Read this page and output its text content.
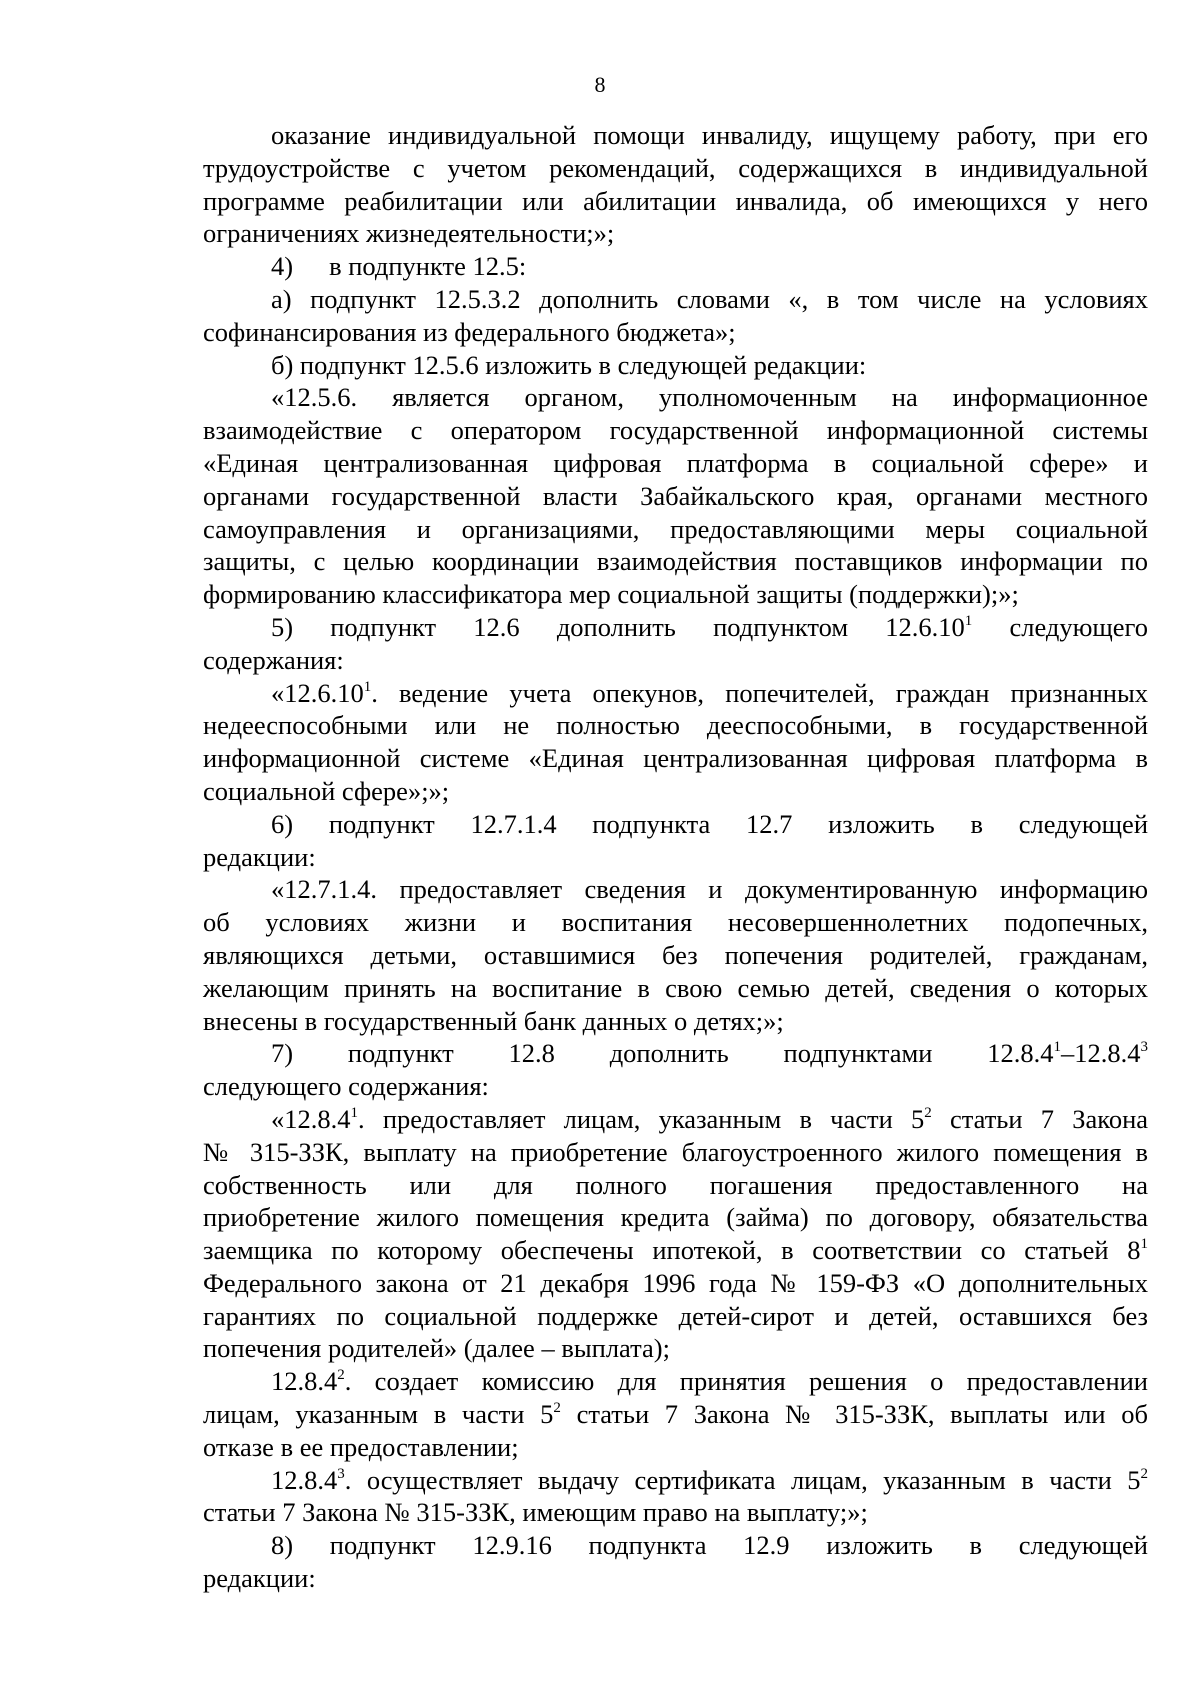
8
оказание индивидуальной помощи инвалиду, ищущему работу, при его
трудоустройстве с учетом рекомендаций, содержащихся в индивидуальной
программе реабилитации или абилитации инвалида, об имеющихся у него
ограничениях жизнедеятельности;»;
4) в подпункте 12.5:
а) подпункт 12.5.3.2 дополнить словами «, в том числе на условиях
софинансирования из федерального бюджета»;
б) подпункт 12.5.6 изложить в следующей редакции:
«12.5.6. является органом, уполномоченным на информационное
взаимодействие с оператором государственной информационной системы
«Единая централизованная цифровая платформа в социальной сфере» и
органами государственной власти Забайкальского края, органами местного
самоуправления и организациями, предоставляющими меры социальной
защиты, с целью координации взаимодействия поставщиков информации по
формированию классификатора мер социальной защиты (поддержки);»;
5) подпункт 12.6 дополнить подпунктом 12.6.10$^1$ следующего
содержания:
«12.6.10$^1$. ведение учета опекунов, попечителей, граждан признанных
недееспособными или не полностью дееспособными, в государственной
информационной системе «Единая централизованная цифровая платформа в
социальной сфере»;»;
6) подпункт 12.7.1.4 подпункта 12.7 изложить в следующей
редакции:
«12.7.1.4. предоставляет сведения и документированную информацию
об условиях жизни и воспитания несовершеннолетних подопечных,
являющихся детьми, оставшимися без попечения родителей, гражданам,
желающим принять на воспитание в свою семью детей, сведения о которых
внесены в государственный банк данных о детях;»;
7) подпункт 12.8 дополнить подпунктами 12.8.4$^1$–12.8.4$^3$
следующего содержания:
«12.8.4$^1$. предоставляет лицам, указанным в части $5^2$ статьи 7 Закона
№ 315-ЗЗК, выплату на приобретение благоустроенного жилого помещения в
собственность или для полного погашения предоставленного на
приобретение жилого помещения кредита (займа) по договору, обязательства
заемщика по которому обеспечены ипотекой, в соответствии со статьей $8^1$
Федерального закона от 21 декабря 1996 года № 159-ФЗ «О дополнительных
гарантиях по социальной поддержке детей-сирот и детей, оставшихся без
попечения родителей» (далее – выплата);
12.8.4$^2$. создает комиссию для принятия решения о предоставлении
лицам, указанным в части $5^2$ статьи 7 Закона № 315-ЗЗК, выплаты или об
отказе в ее предоставлении;
12.8.4$^3$. осуществляет выдачу сертификата лицам, указанным в части $5^2$
статьи 7 Закона № 315-ЗЗК, имеющим право на выплату;»;
8) подпункт 12.9.16 подпункта 12.9 изложить в следующей
редакции:
